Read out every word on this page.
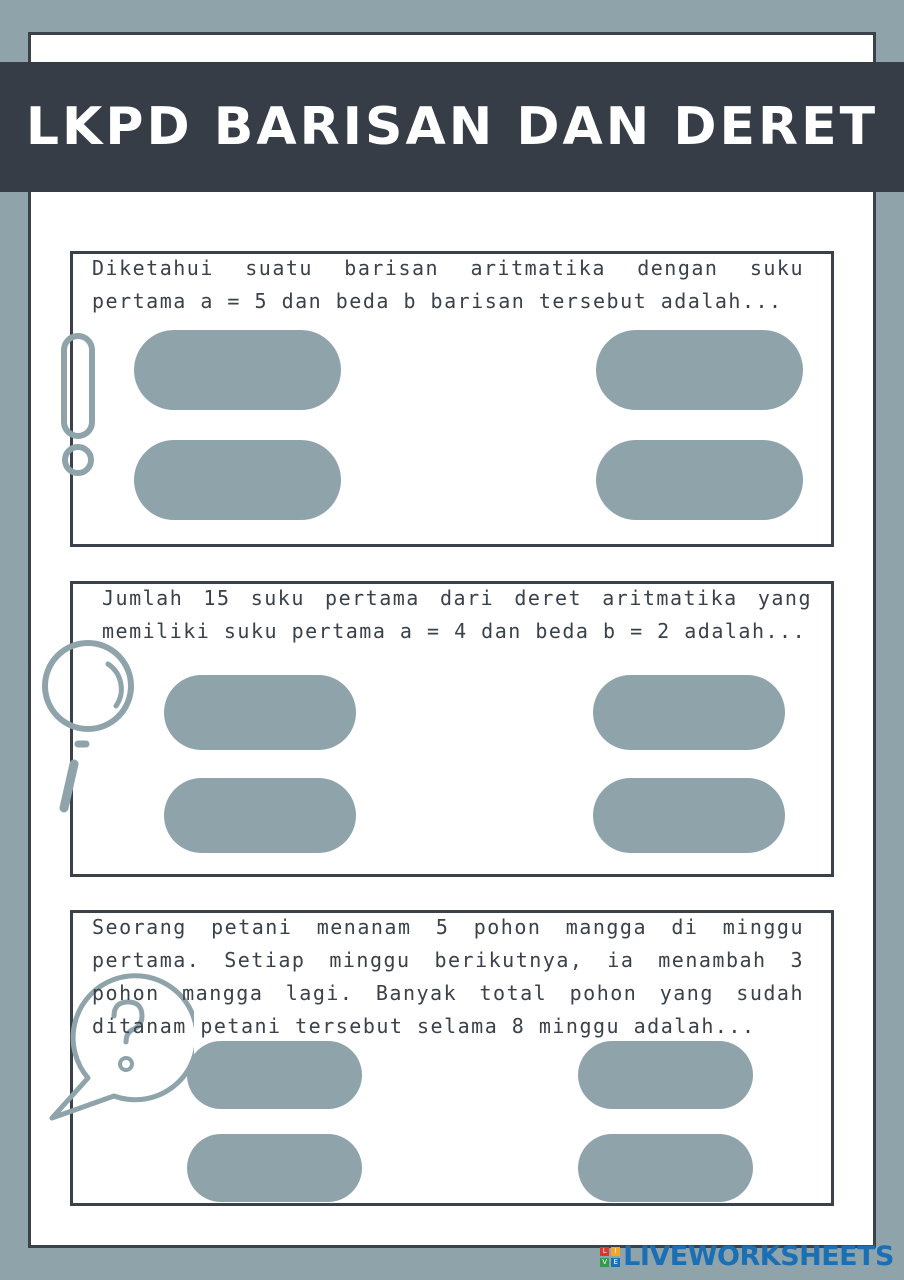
LKPD BARISAN DAN DERET
Diketahui suatu barisan aritmatika dengan suku
pertama a = 5 dan beda b barisan tersebut adalah...
Jumlah 15 suku pertama dari deret aritmatika yang
memiliki suku pertama a = 4 dan beda b = 2 adalah...
Seorang petani menanam 5 pohon mangga di minggu
pertama. Setiap minggu berikutnya, ia menambah 3
pohon mangga lagi. Banyak total pohon yang sudah
ditanam petani tersebut selama 8 minggu adalah...
L	I
V E LIVEWORKSHEETS
